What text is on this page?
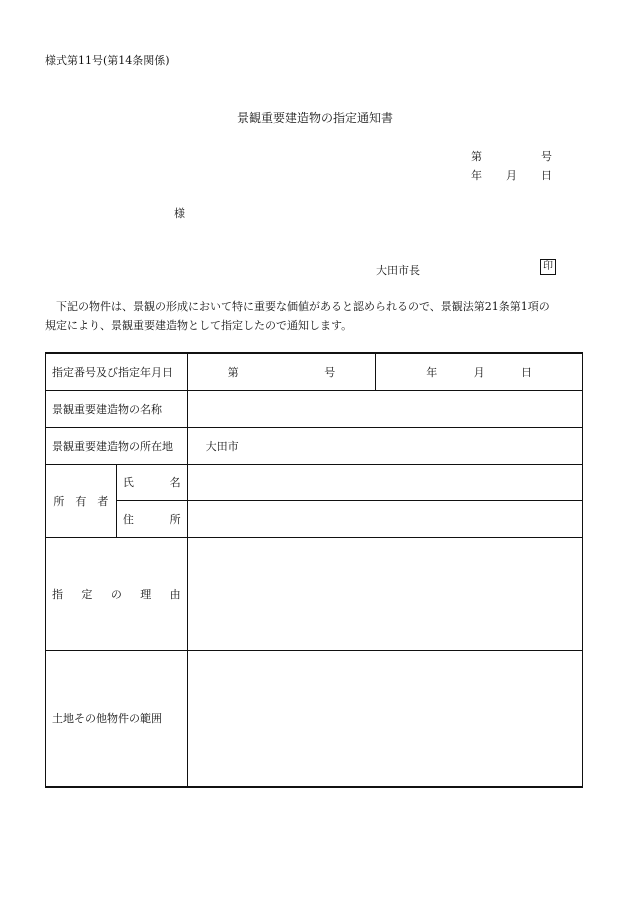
様式第11号(第14条関係)
景観重要建造物の指定通知書
第	号
年 月 日
様
大田市長	印

下記の物件は、景観の形成において特に重要な価値があると認められるので、景観法第21条第1項の

規定により、景観重要建造物として指定したので通知します。

指定番号及び指定年月日		第 号	年 月 日

景観重要建造物の名称			
景観重要建造物の所在地		大田市	
所　有　者	氏 名		

	住 所		

指 定 の 理 由			

土地その他物件の範囲			
